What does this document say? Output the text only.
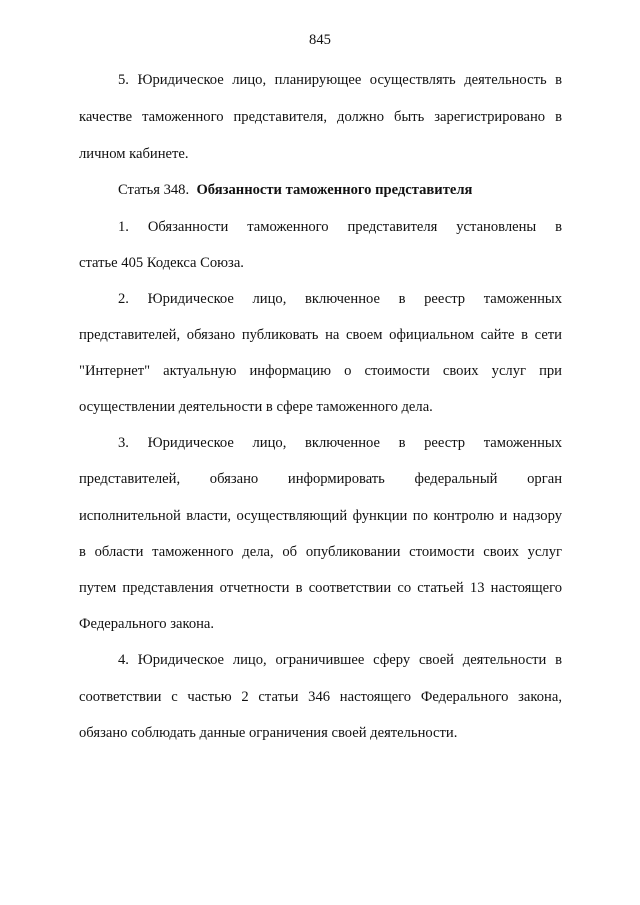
845
5. Юридическое лицо, планирующее осуществлять деятельность в
качестве таможенного представителя, должно быть зарегистрировано в
личном кабинете.
Статья 348. Обязанности таможенного представителя
1. Обязанности таможенного представителя установлены в
статье 405 Кодекса Союза.
2. Юридическое лицо, включенное в реестр таможенных
представителей, обязано публиковать на своем официальном сайте в сети
"Интернет" актуальную информацию о стоимости своих услуг при
осуществлении деятельности в сфере таможенного дела.
3. Юридическое лицо, включенное в реестр таможенных
представителей, обязано информировать федеральный орган
исполнительной власти, осуществляющий функции по контролю и надзору
в области таможенного дела, об опубликовании стоимости своих услуг
путем представления отчетности в соответствии со статьей 13 настоящего
Федерального закона.
4. Юридическое лицо, ограничившее сферу своей деятельности в
соответствии с частью 2 статьи 346 настоящего Федерального закона,
обязано соблюдать данные ограничения своей деятельности.
